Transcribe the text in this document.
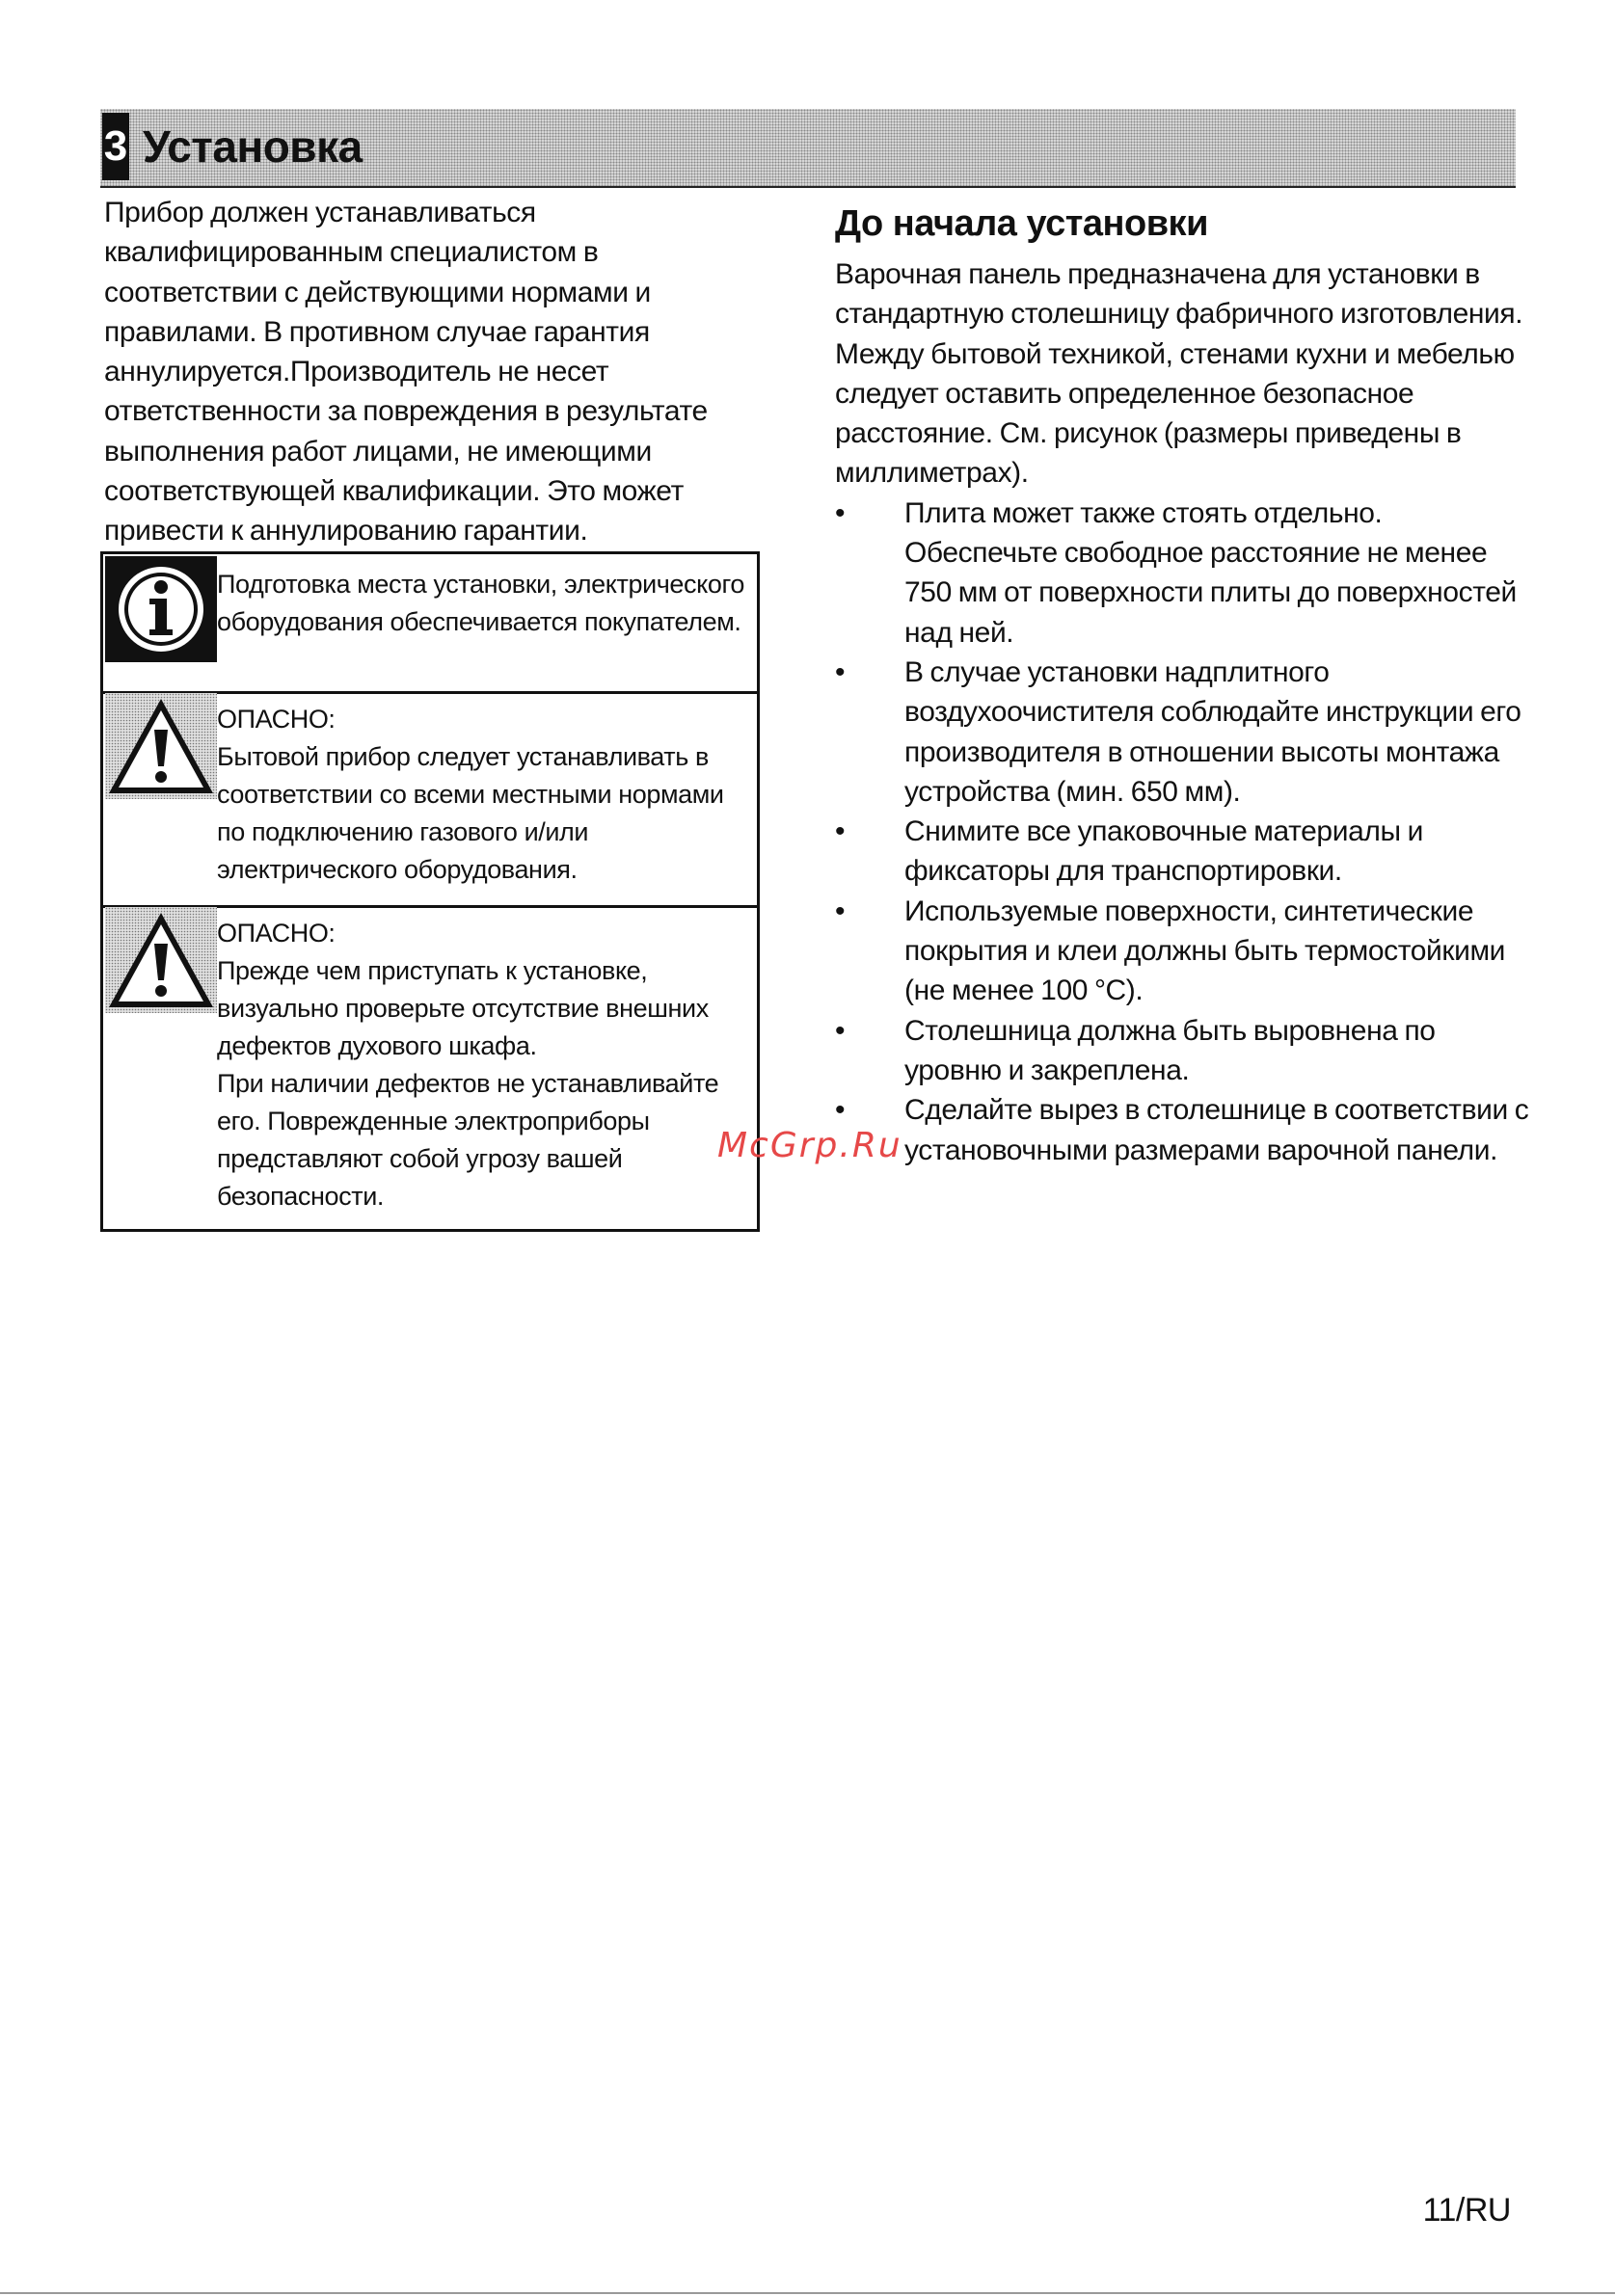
3 Установка

Прибор должен устанавливаться квалифицированным специалистом в соответствии с действующими нормами и правилами. В противном случае гарантия аннулируется.Производитель не несет ответственности за повреждения в результате выполнения работ лицами, не имеющими соответствующей квалификации. Это может привести к аннулированию гарантии.

Подготовка места установки, электрического оборудования обеспечивается покупателем.

ОПАСНО:

Бытовой прибор следует устанавливать в соответствии со всеми местными нормами по подключению газового и/или электрического оборудования.

ОПАСНО:

Прежде чем приступать к установке, визуально проверьте отсутствие внешних дефектов духового шкафа.

При наличии дефектов не устанавливайте его. Поврежденные электроприборы представляют собой угрозу вашей безопасности.

До начала установки

Варочная панель предназначена для установки в стандартную столешницу фабричного изготовления. Между бытовой техникой, стенами кухни и мебелью следует оставить определенное безопасное расстояние. См. рисунок (размеры приведены в миллиметрах).

• Плита может также стоять отдельно. Обеспечьте свободное расстояние не менее 750 мм от поверхности плиты до поверхностей над ней.
• В случае установки надплитного воздухоочистителя соблюдайте инструкции его производителя в отношении высоты монтажа устройства (мин. 650 мм).
• Снимите все упаковочные материалы и фиксаторы для транспортировки.
• Используемые поверхности, синтетические покрытия и клеи должны быть термостойкими (не менее 100 °C).
• Столешница должна быть выровнена по уровню и закреплена.
• Сделайте вырез в столешнице в соответствии с установочными размерами варочной панели.
McGrp.Ru
11/RU
